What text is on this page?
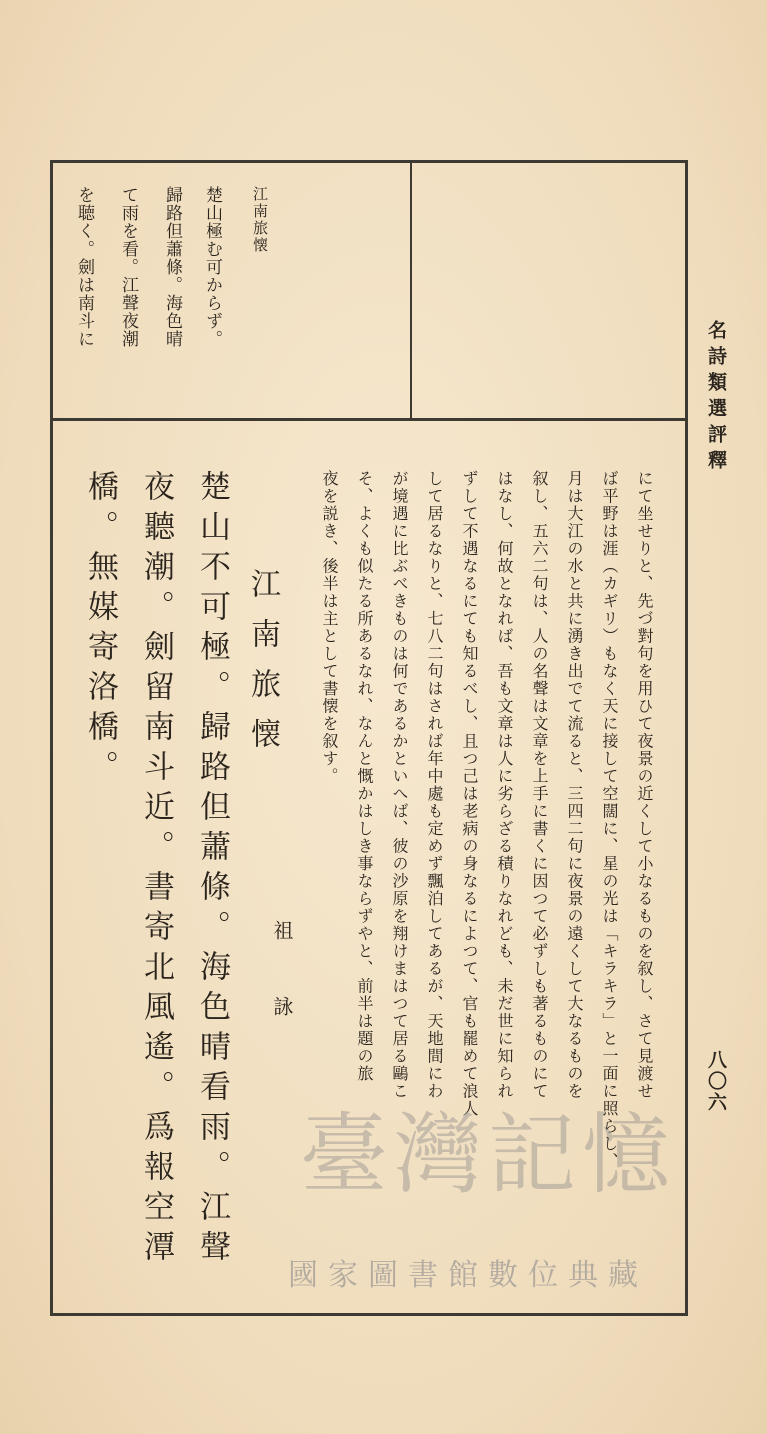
名詩類選評釋
八〇六
江南旅懐
楚山極む可からず。
歸路但蕭條。海色晴
て雨を看。江聲夜潮
を聴く。劍は南斗に
にて坐せりと、先づ對句を用ひて夜景の近くして小なるものを叙し、さて見渡せ
ば平野は涯（カギリ）もなく天に接して空闊に、星の光は「キラキラ」と一面に照らし、
月は大江の水と共に湧き出でて流ると、三四二句に夜景の遠くして大なるものを
叙し、五六二句は、人の名聲は文章を上手に書くに因つて必ずしも著るものにて
はなし、何故となれば、吾も文章は人に劣らざる積りなれども、未だ世に知られ
ずして不遇なるにても知るべし、且つ己は老病の身なるによつて、官も罷めて浪人
して居るなりと、七八二句はされば年中處も定めず飄泊してあるが、天地間にわ
が境遇に比ぶべきものは何であるかといへば、彼の沙原を翔けまはつて居る鷗こ
そ、よくも似たる所あるなれ、なんと慨かはしき事ならずやと、前半は題の旅
夜を説き、後半は主として書懐を叙す。
江南旅懐
祖詠
楚山不可極。歸路但蕭條。海色晴看雨。江聲
夜聽潮。劍留南斗近。書寄北風遙。爲報空潭
橋。無媒寄洛橋。
臺灣記憶
國家圖書館數位典藏
